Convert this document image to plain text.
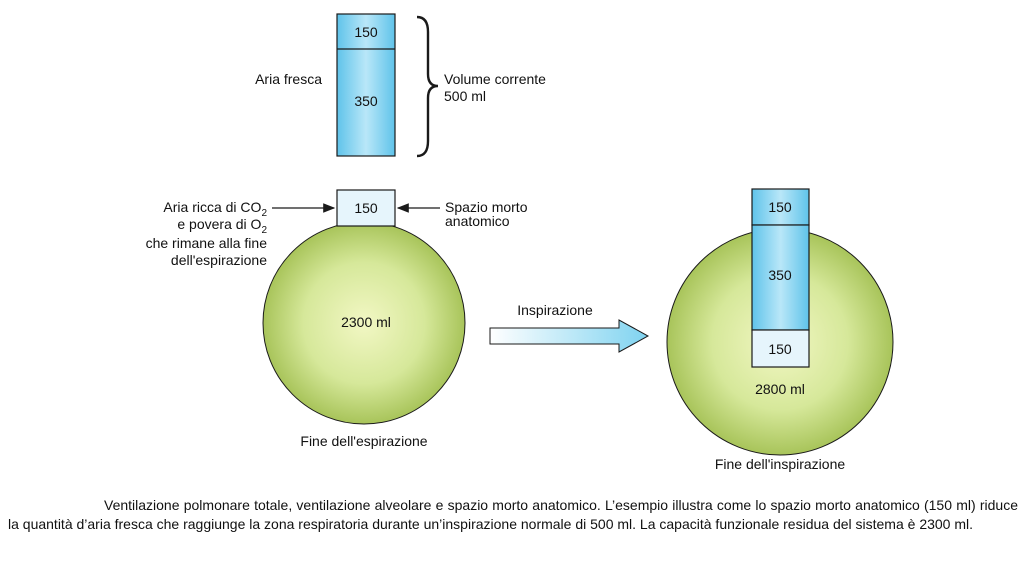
150
350
Aria fresca	Volume corrente
500 ml
150
2300 ml
Fine dell'espirazione
Aria ricca di $CO_2$
e povera di $O_2$
che rimane alla fine
dell'espirazione
Spazio morto
anatomico
Inspirazione
150
350
150
2800 ml
Fine dell'inspirazione

Ventilazione polmonare totale, ventilazione alveolare e spazio morto anatomico. L’esempio illustra come lo spazio morto anatomico (150 ml) riduce la quantità d’aria fresca che raggiunge la zona respiratoria durante un’inspirazione normale di 500 ml. La capacità funzionale residua del sistema è 2300 ml.
